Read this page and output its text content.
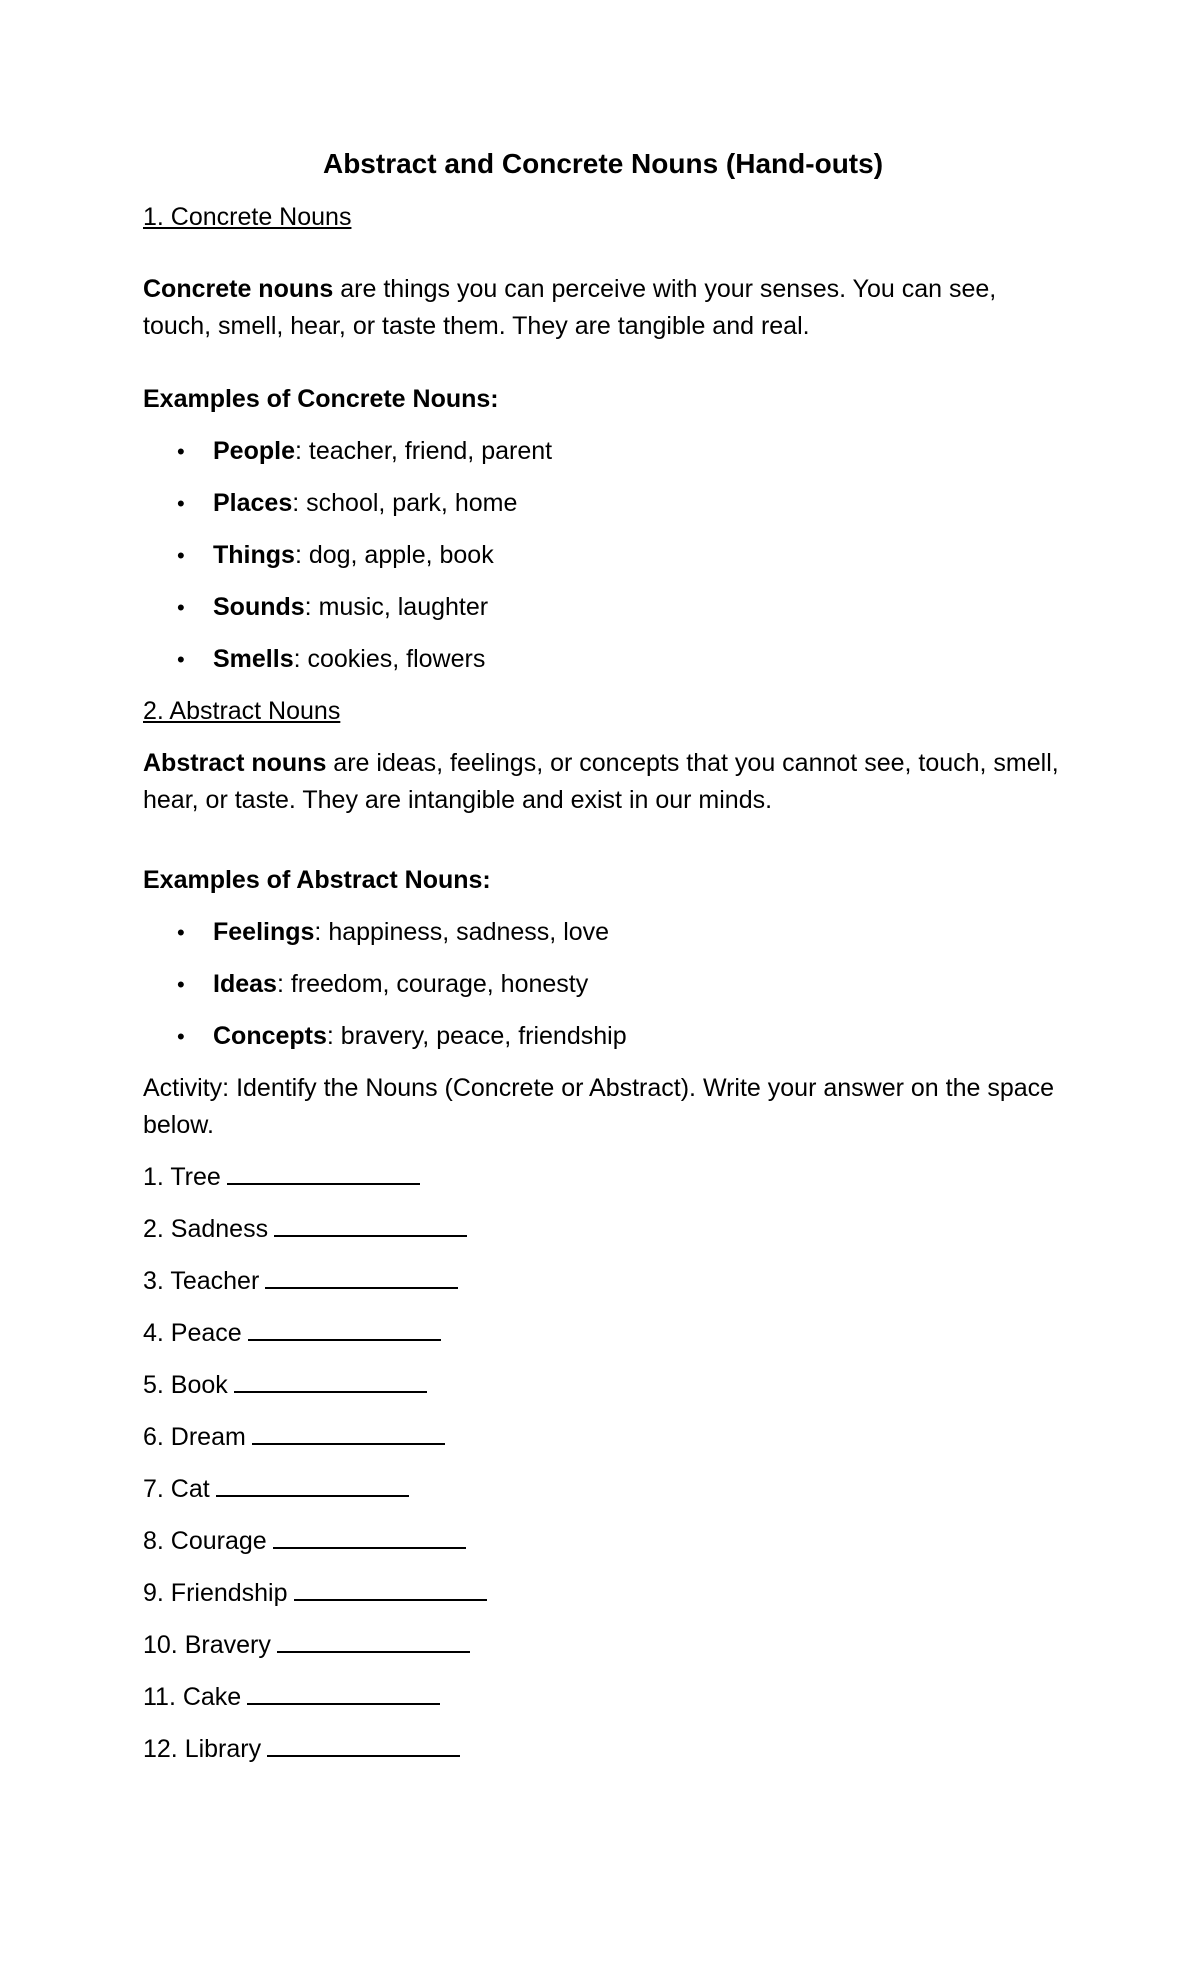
Abstract and Concrete Nouns (Hand-outs)
1. Concrete Nouns
Concrete nouns are things you can perceive with your senses. You can see, touch, smell, hear, or taste them. They are tangible and real.
Examples of Concrete Nouns:
• People: teacher, friend, parent
• Places: school, park, home
• Things: dog, apple, book
• Sounds: music, laughter
• Smells: cookies, flowers
2. Abstract Nouns
Abstract nouns are ideas, feelings, or concepts that you cannot see, touch, smell, hear, or taste. They are intangible and exist in our minds.
Examples of Abstract Nouns:
• Feelings: happiness, sadness, love
• Ideas: freedom, courage, honesty
• Concepts: bravery, peace, friendship
Activity: Identify the Nouns (Concrete or Abstract). Write your answer on the space below.
1. Tree
2. Sadness
3. Teacher
4. Peace
5. Book
6. Dream
7. Cat
8. Courage
9. Friendship
10. Bravery
11. Cake
12. Library
